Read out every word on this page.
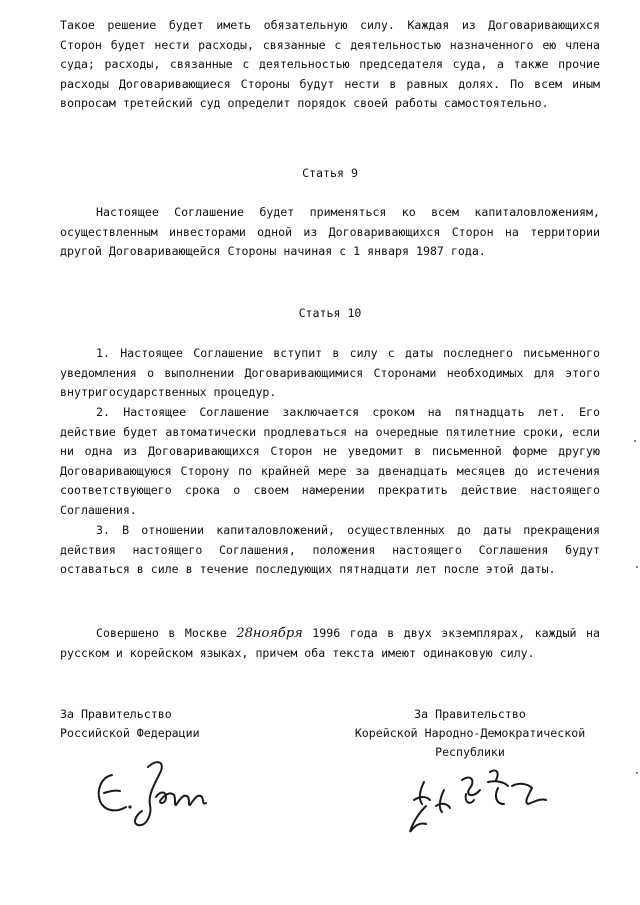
Такое решение будет иметь обязательную силу. Каждая из Договаривающихся Сторон будет нести расходы, связанные с деятельностью назначенного ею члена суда; расходы, связанные с деятельностью председателя суда, а также прочие расходы Договаривающиеся Стороны будут нести в равных долях. По всем иным вопросам третейский суд определит порядок своей работы самостоятельно.

Статья 9

Настоящее Соглашение будет применяться ко всем капиталовложениям, осуществленным инвесторами одной из Договаривающихся Сторон на территории другой Договаривающейся Стороны начиная с 1 января 1987 года.

Статья 10

1. Настоящее Соглашение вступит в силу с даты последнего письменного уведомления о выполнении Договаривающимися Сторонами необходимых для этого внутригосударственных процедур.

2. Настоящее Соглашение заключается сроком на пятнадцать лет. Его действие будет автоматически продлеваться на очередные пятилетние сроки, если ни одна из Договаривающихся Сторон не уведомит в письменной форме другую Договаривающуюся Сторону по крайней мере за двенадцать месяцев до истечения соответствующего срока о своем намерении прекратить действие настоящего Соглашения.

3. В отношении капиталовложений, осуществленных до даты прекращения действия настоящего Соглашения, положения настоящего Соглашения будут оставаться в силе в течение последующих пятнадцати лет после этой даты.

Совершено в Москве 28ноября 1996 года в двух экземплярах, каждый на русском и корейском языках, причем оба текста имеют одинаковую силу.

За Правительство
Российской Федерации
За Правительство
Корейской Народно-Демократической
Республики
